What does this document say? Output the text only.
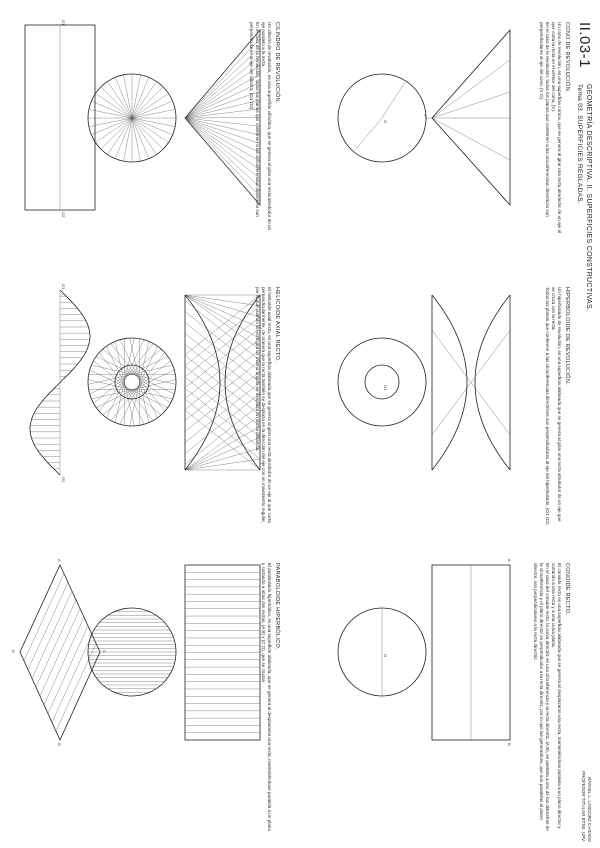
II.03-1
GEOMETRÍA DESCRIPTIVA. II. SUPERFICIES CONSTRUCTIVAS.
Tema 03. SUPERFICIES REGLADAS.
RAFAEL L. LASCORZ CASADO
PROFESOR TITULAR ETSE. UPV.
CONO DE REVOLUCIÓN.
Un cono de revolución, es una superficie cónica, que se genera al girar una recta alrededor de un eje al que corta la recta en el vértice del cono, (V).
En el caso de la revolución, todos los planos que contienen a las circunferencias directrices son perpendiculares al eje del cono, (V O).
HIPERBOLOIDE DE REVOLUCIÓN.
Un hiperboloide de revolución, es una superficie alabeada que se genera al girar una recta alrededor de un eje que se cruza con la recta.
Todos los planos que contienen a las circunferencias directrices son perpendiculares al eje del hiperboloide, (O1 O2).
CONOIDE RECTO.
El conoide recto es una superficie alabeada que se genera al desplazarse una recta, manteniéndose paralela a un plano director y cortando a una recta y a una curva plana.
En el caso del conoide recto, la curva directriz es una circunferencia y la recta directriz, (A B), es paralela a uno de los diámetros de la circunferencia y el plano director es perpendicular a la recta directriz, por lo que las generatrices, que son paralelas al plano director, son perpendiculares a la recta directriz.
CILINDRO DE REVOLUCIÓN.
Un cilindro de revolución, es una superficie cilíndrica, que se genera al girar una recta alrededor de un eje paralelo a la recta.
En el caso de la revolución, todos los planos que contienen a las circunferencias directrices son perpendiculares al eje del cilindro, (O1 O2).
HELICOIDE AXIAL RECTO.
El helicoide axial recto, es una superficie alabeada que se genera al girar una recta alrededor de un eje al que corta perpendicularmente, de manera que la recta también se desplaza en la dirección del eje con un movimiento regular, por lo que cuando la recta gira un mismo ángulo se desplaza la misma distancia.
PARABOLOIDE HIPERBÓLICO.
El paraboloide hiperbólico, es una superficie alabeada, que se genera al desplazarse una recta, manteniéndose paralela a un plano y cortando a otras dos rectas, (A B) y (C D), que se cruzan.
V
O
O1
A
B
O
O1
O2
O1
O2
A
C
B
D
